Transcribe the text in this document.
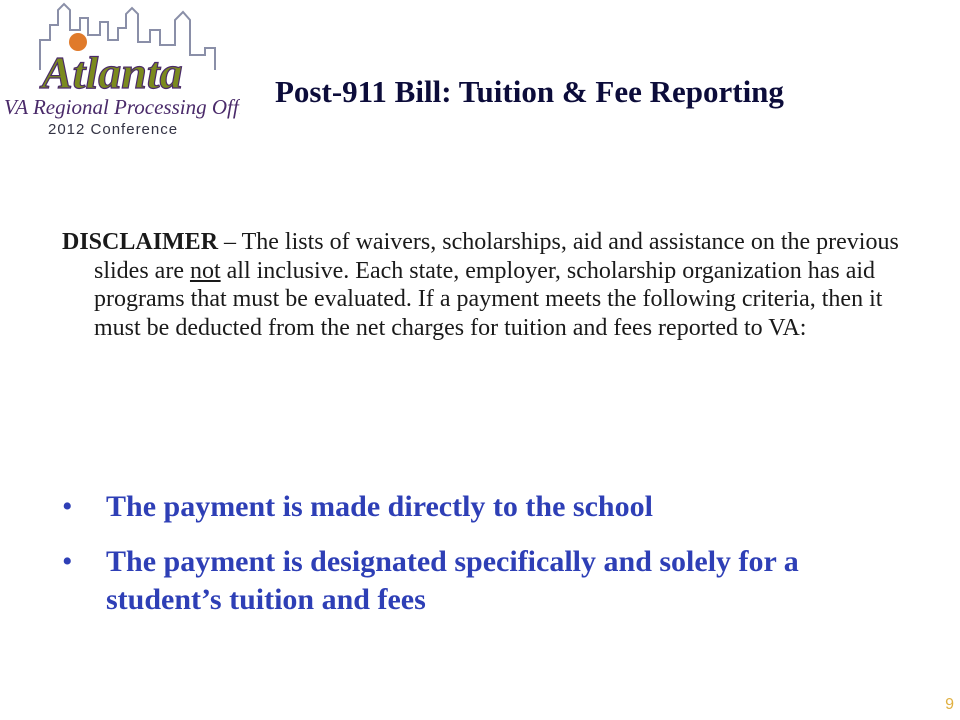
Atlanta
VA Regional Processing Office
2012 Conference
Post-911 Bill: Tuition & Fee Reporting

DISCLAIMER – The lists of waivers, scholarships, aid and assistance on the previous slides are not all inclusive. Each state, employer, scholarship organization has aid programs that must be evaluated. If a payment meets the following criteria, then it must be deducted from the net charges for tuition and fees reported to VA:

•	The payment is made directly to the school

•	The payment is designated specifically and solely for a student’s tuition and fees

9
